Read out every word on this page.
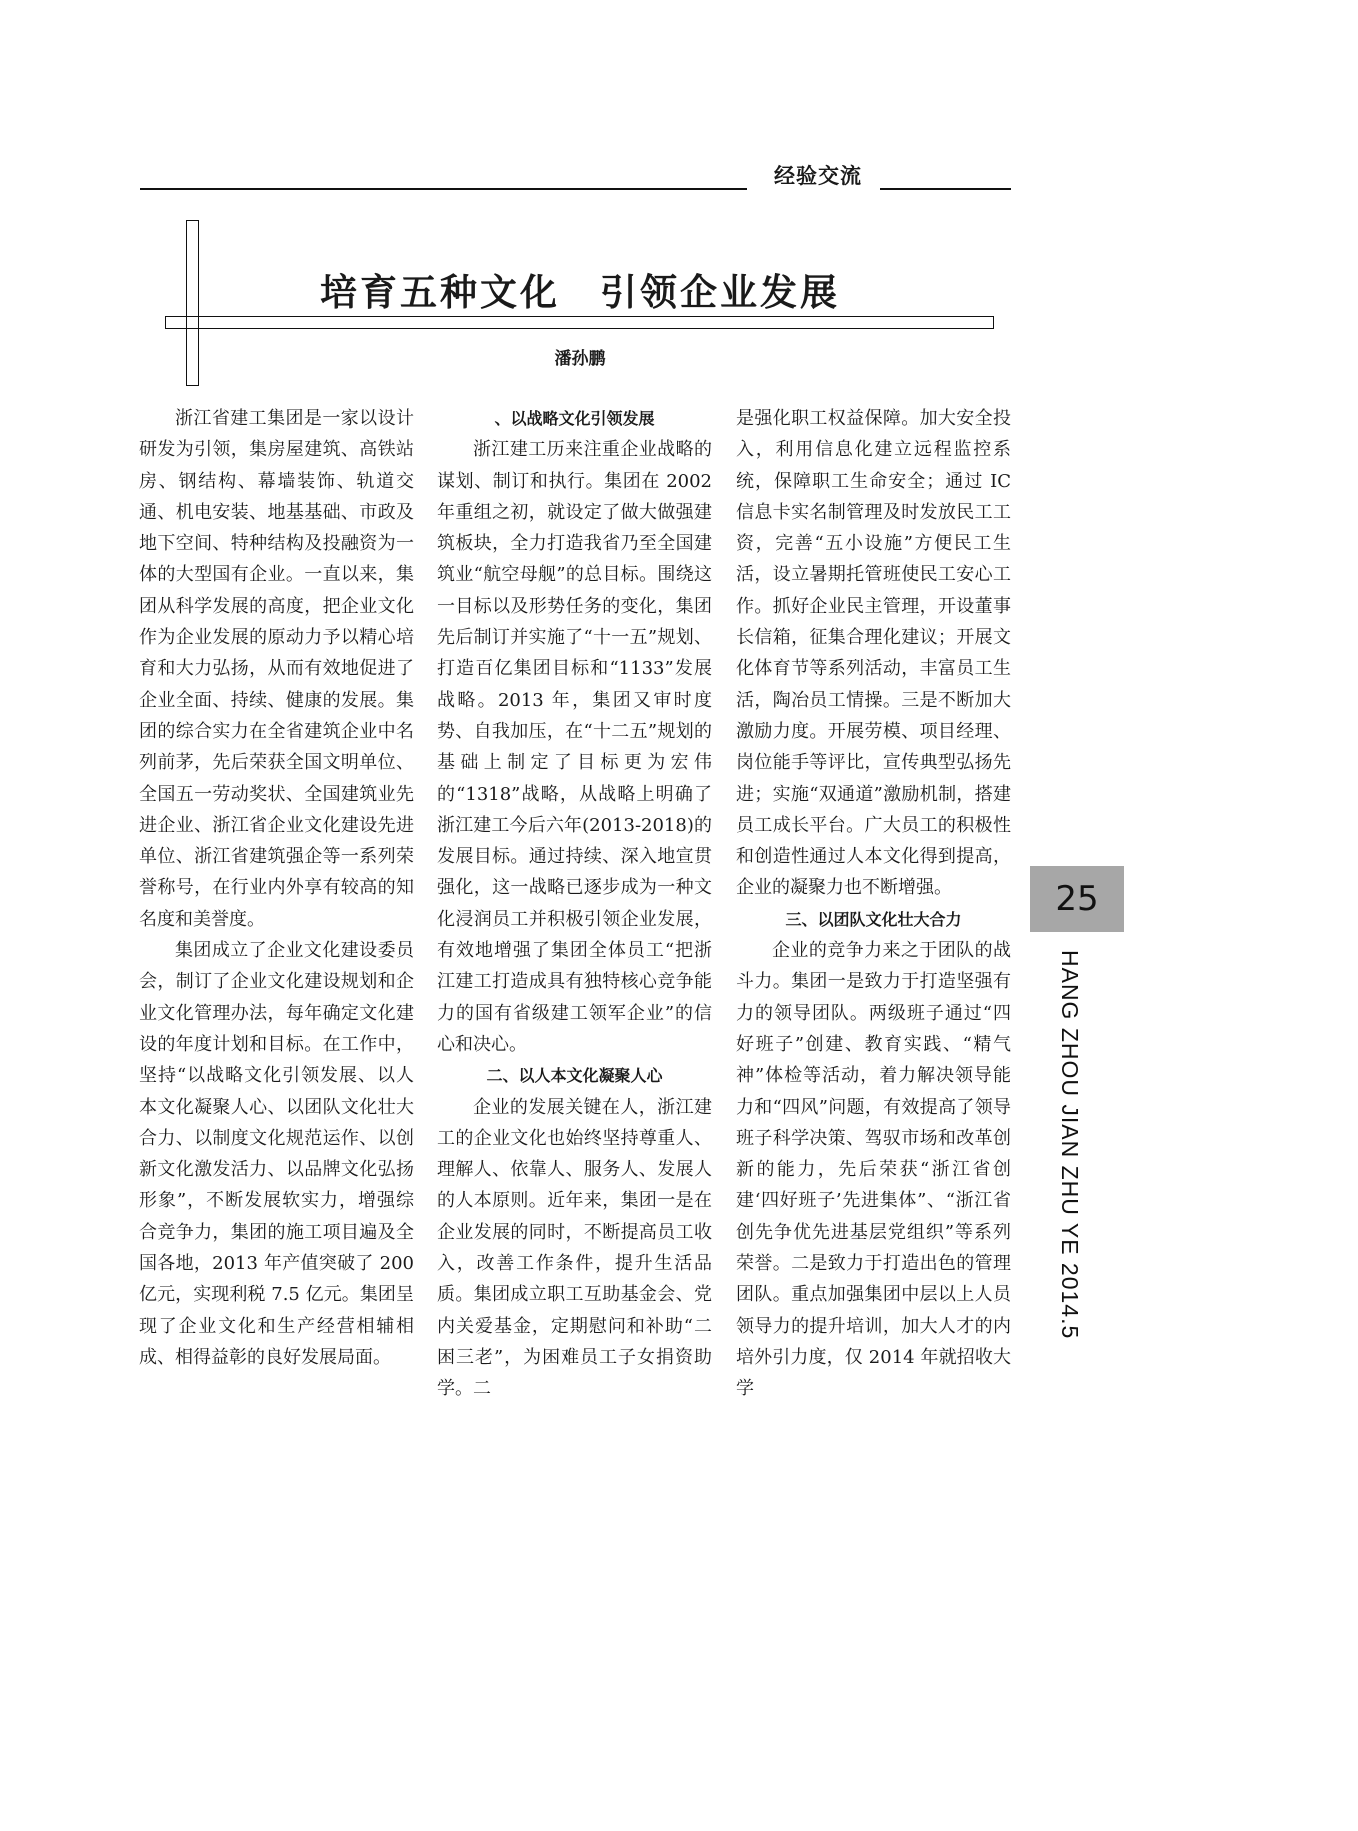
经验交流
培育五种文化　引领企业发展
潘孙鹏

浙江省建工集团是一家以设计研发为引领，集房屋建筑、高铁站房、钢结构、幕墙装饰、轨道交通、机电安装、地基基础、市政及地下空间、特种结构及投融资为一体的大型国有企业。一直以来，集团从科学发展的高度，把企业文化作为企业发展的原动力予以精心培育和大力弘扬，从而有效地促进了企业全面、持续、健康的发展。集团的综合实力在全省建筑企业中名列前茅，先后荣获全国文明单位、全国五一劳动奖状、全国建筑业先进企业、浙江省企业文化建设先进单位、浙江省建筑强企等一系列荣誉称号，在行业内外享有较高的知名度和美誉度。

集团成立了企业文化建设委员会，制订了企业文化建设规划和企业文化管理办法，每年确定文化建设的年度计划和目标。在工作中，坚持“以战略文化引领发展、以人本文化凝聚人心、以团队文化壮大合力、以制度文化规范运作、以创新文化激发活力、以品牌文化弘扬形象”，不断发展软实力，增强综合竞争力，集团的施工项目遍及全国各地，2013 年产值突破了 200 亿元，实现利税 7.5 亿元。集团呈现了企业文化和生产经营相辅相成、相得益彰的良好发展局面。

、以战略文化引领发展

浙江建工历来注重企业战略的谋划、制订和执行。集团在 2002 年重组之初，就设定了做大做强建筑板块，全力打造我省乃至全国建筑业“航空母舰”的总目标。围绕这一目标以及形势任务的变化，集团先后制订并实施了“十一五”规划、打造百亿集团目标和“1133”发展战略。2013 年，集团又审时度势、自我加压，在“十二五”规划的基础上制定了目标更为宏伟的“1318”战略，从战略上明确了浙江建工今后六年(2013-2018)的发展目标。通过持续、深入地宣贯强化，这一战略已逐步成为一种文化浸润员工并积极引领企业发展，有效地增强了集团全体员工“把浙江建工打造成具有独特核心竞争能力的国有省级建工领军企业”的信心和决心。

二、以人本文化凝聚人心

企业的发展关键在人，浙江建工的企业文化也始终坚持尊重人、理解人、依靠人、服务人、发展人的人本原则。近年来，集团一是在企业发展的同时，不断提高员工收入，改善工作条件，提升生活品质。集团成立职工互助基金会、党内关爱基金，定期慰问和补助“二困三老”，为困难员工子女捐资助学。二

是强化职工权益保障。加大安全投入，利用信息化建立远程监控系统，保障职工生命安全；通过 IC 信息卡实名制管理及时发放民工工资，完善“五小设施”方便民工生活，设立暑期托管班使民工安心工作。抓好企业民主管理，开设董事长信箱，征集合理化建议；开展文化体育节等系列活动，丰富员工生活，陶冶员工情操。三是不断加大激励力度。开展劳模、项目经理、岗位能手等评比，宣传典型弘扬先进；实施“双通道”激励机制，搭建员工成长平台。广大员工的积极性和创造性通过人本文化得到提高，企业的凝聚力也不断增强。

三、以团队文化壮大合力

企业的竞争力来之于团队的战斗力。集团一是致力于打造坚强有力的领导团队。两级班子通过“四好班子”创建、教育实践、“精气神”体检等活动，着力解决领导能力和“四风”问题，有效提高了领导班子科学决策、驾驭市场和改革创新的能力，先后荣获“浙江省创建‘四好班子’先进集体”、“浙江省创先争优先进基层党组织”等系列荣誉。二是致力于打造出色的管理团队。重点加强集团中层以上人员领导力的提升培训，加大人才的内培外引力度，仅 2014 年就招收大学

25
HANG ZHOU JIAN ZHU YE 2014.5
